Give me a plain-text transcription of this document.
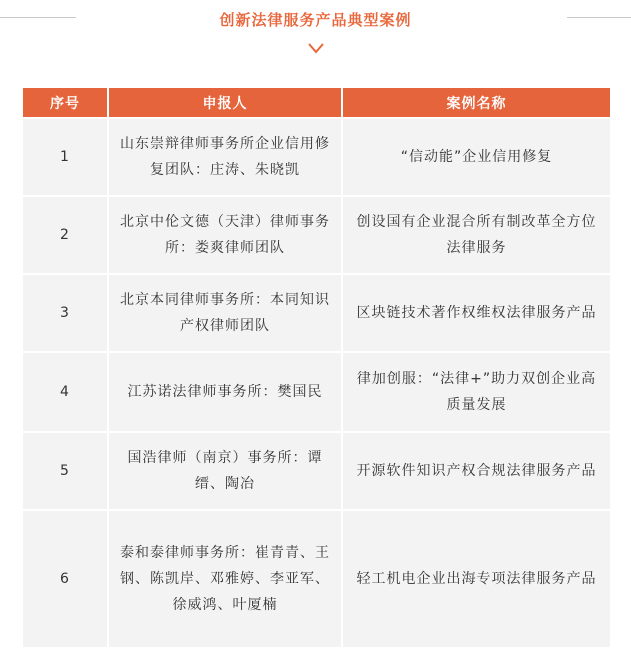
创新法律服务产品典型案例
序号	申报人	案例名称
1	山东崇辩律师事务所企业信用修复团队：庄涛、朱晓凯	“信动能”企业信用修复
2	北京中伦文德（天津）律师事务所：娄爽律师团队	创设国有企业混合所有制改革全方位法律服务
3	北京本同律师事务所：本同知识产权律师团队	区块链技术著作权维权法律服务产品
4	江苏诺法律师事务所：樊国民	律加创服：“法律+”助力双创企业高质量发展
5	国浩律师（南京）事务所：谭缙、陶冶	开源软件知识产权合规法律服务产品
6	泰和泰律师事务所：崔青青、王钢、陈凯岸、邓雅婷、李亚军、徐威鸿、叶厦楠	轻工机电企业出海专项法律服务产品
